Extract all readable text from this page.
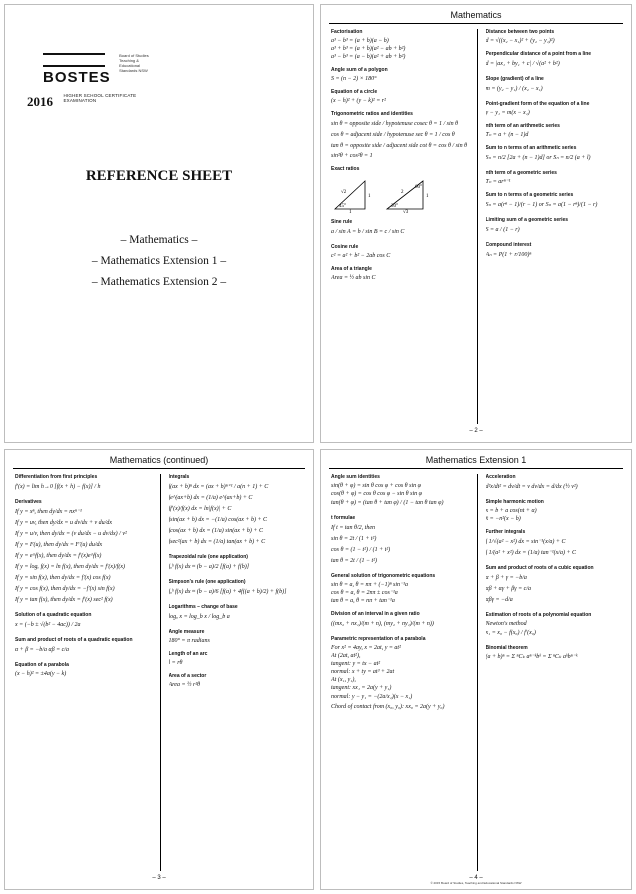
BOSTES

Board of Studies
Teaching &
Educational
Standards NSW
2016 HIGHER SCHOOL CERTIFICATE
EXAMINATION
REFERENCE SHEET
– Mathematics –
– Mathematics Extension 1 –
– Mathematics Extension 2 –
Mathematics
Factorisation
a³ − b³ = (a + b)(a − b)
a³ + b³ = (a + b)(a² − ab + b²)
a³ − b³ = (a − b)(a² + ab + b²)
Angle sum of a polygon
S = (n − 2) × 180°
Equation of a circle
(x − h)² + (y − k)² = r²
Trigonometric ratios and identities
sin θ = opposite side / hypotenuse cosec θ = 1 / sin θ
cos θ = adjacent side / hypotenuse sec θ = 1 / cos θ
tan θ = opposite side / adjacent side cot θ = cos θ / sin θ
sin²θ + cos²θ = 1
Exact ratios
√2
1
1
45°
2
√3
1
30°
60°
Sine rule
a / sin A = b / sin B = c / sin C
Cosine rule
c² = a² + b² − 2ab cos C
Area of a triangle
Area = ½ ab sin C
Distance between two points
d = √((x₂ − x₁)² + (y₂ − y₁)²)
Perpendicular distance of a point from a line
d = |ax₁ + by₁ + c| / √(a² + b²)
Slope (gradient) of a line
m = (y₂ − y₁) / (x₂ − x₁)
Point-gradient form of the equation of a line
y − y₁ = m(x − x₁)
nth term of an arithmetic series
Tₙ = a + (n − 1)d
Sum to n terms of an arithmetic series
Sₙ = n/2 [2a + (n − 1)d] or Sₙ = n/2 (a + l)
nth term of a geometric series
Tₙ = arⁿ⁻¹
Sum to n terms of a geometric series
Sₙ = a(rⁿ − 1)/(r − 1) or Sₙ = a(1 − rⁿ)/(1 − r)
Limiting sum of a geometric series
S = a / (1 − r)
Compound interest
Aₙ = P(1 + r/100)ⁿ
– 2 –
Mathematics (continued)
Differentiation from first principles
f′(x) = lim h→0 [f(x + h) − f(x)] / h
Derivatives
If y = xⁿ, then dy/dx = nxⁿ⁻¹
If y = uv, then dy/dx = u dv/dx + v du/dx
If y = u/v, then dy/dx = (v du/dx − u dv/dx) / v²
If y = F(u), then dy/dx = F′(u) du/dx
If y = e^f(x), then dy/dx = f′(x)e^f(x)
If y = logₑ f(x) = ln f(x), then dy/dx = f′(x)/f(x)
If y = sin f(x), then dy/dx = f′(x) cos f(x)
If y = cos f(x), then dy/dx = −f′(x) sin f(x)
If y = tan f(x), then dy/dx = f′(x) sec² f(x)
Solution of a quadratic equation
x = (−b ± √(b² − 4ac)) / 2a
Sum and product of roots of a quadratic equation
α + β = −b/a αβ = c/a
Equation of a parabola
(x − h)² = ±4a(y − k)
Integrals
∫(ax + b)ⁿ dx = (ax + b)ⁿ⁺¹ / a(n + 1) + C
∫e^(ax+b) dx = (1/a) e^(ax+b) + C
∫f′(x)/f(x) dx = ln|f(x)| + C
∫sin(ax + b) dx = −(1/a) cos(ax + b) + C
∫cos(ax + b) dx = (1/a) sin(ax + b) + C
∫sec²(ax + b) dx = (1/a) tan(ax + b) + C
Trapezoidal rule (one application)
∫ₐᵇ f(x) dx ≈ (b − a)/2 [f(a) + f(b)]
Simpson's rule (one application)
∫ₐᵇ f(x) dx ≈ (b − a)/6 [f(a) + 4f((a + b)/2) + f(b)]
Logarithms – change of base
logₐ x = log_b x / log_b a
Angle measure
180° = π radians
Length of an arc
l = rθ
Area of a sector
Area = ½ r²θ
– 3 –
Mathematics Extension 1
Angle sum identities
sin(θ + φ) = sin θ cos φ + cos θ sin φ
cos(θ + φ) = cos θ cos φ − sin θ sin φ
tan(θ + φ) = (tan θ + tan φ) / (1 − tan θ tan φ)
t formulae
If t = tan θ/2, then
sin θ = 2t / (1 + t²)
cos θ = (1 − t²) / (1 + t²)
tan θ = 2t / (1 − t²)
General solution of trigonometric equations
sin θ = a, θ = nπ + (−1)ⁿ sin⁻¹a
cos θ = a, θ = 2nπ ± cos⁻¹a
tan θ = a, θ = nπ + tan⁻¹a
Division of an interval in a given ratio
((mx₂ + nx₁)/(m + n), (my₂ + ny₁)/(m + n))
Parametric representation of a parabola
For x² = 4ay, x = 2at, y = at²
At (2at, at²),
tangent: y = tx − at²
normal: x + ty = at³ + 2at
At (x₁, y₁),
tangent: xx₁ = 2a(y + y₁)
normal: y − y₁ = −(2a/x₁)(x − x₁)
Chord of contact from (x₀, y₀): xx₀ = 2a(y + y₀)
Acceleration
d²x/dt² = dv/dt = v dv/dx = d/dx (½ v²)
Simple harmonic motion
x = b + a cos(nt + α)
ẍ = −n²(x − b)
Further integrals
∫ 1/√(a² − x²) dx = sin⁻¹(x/a) + C
∫ 1/(a² + x²) dx = (1/a) tan⁻¹(x/a) + C
Sum and product of roots of a cubic equation
α + β + γ = −b/a
αβ + αγ + βγ = c/a
αβγ = −d/a
Estimation of roots of a polynomial equation
Newton's method
x₁ = x₀ − f(x₀) / f′(x₀)
Binomial theorem
(a + b)ⁿ = Σ ⁿCₖ aⁿ⁻ᵏbᵏ = Σ ⁿCₖ aᵏbⁿ⁻ᵏ
– 4 –
© 2015 Board of Studies, Teaching and Educational Standards NSW
